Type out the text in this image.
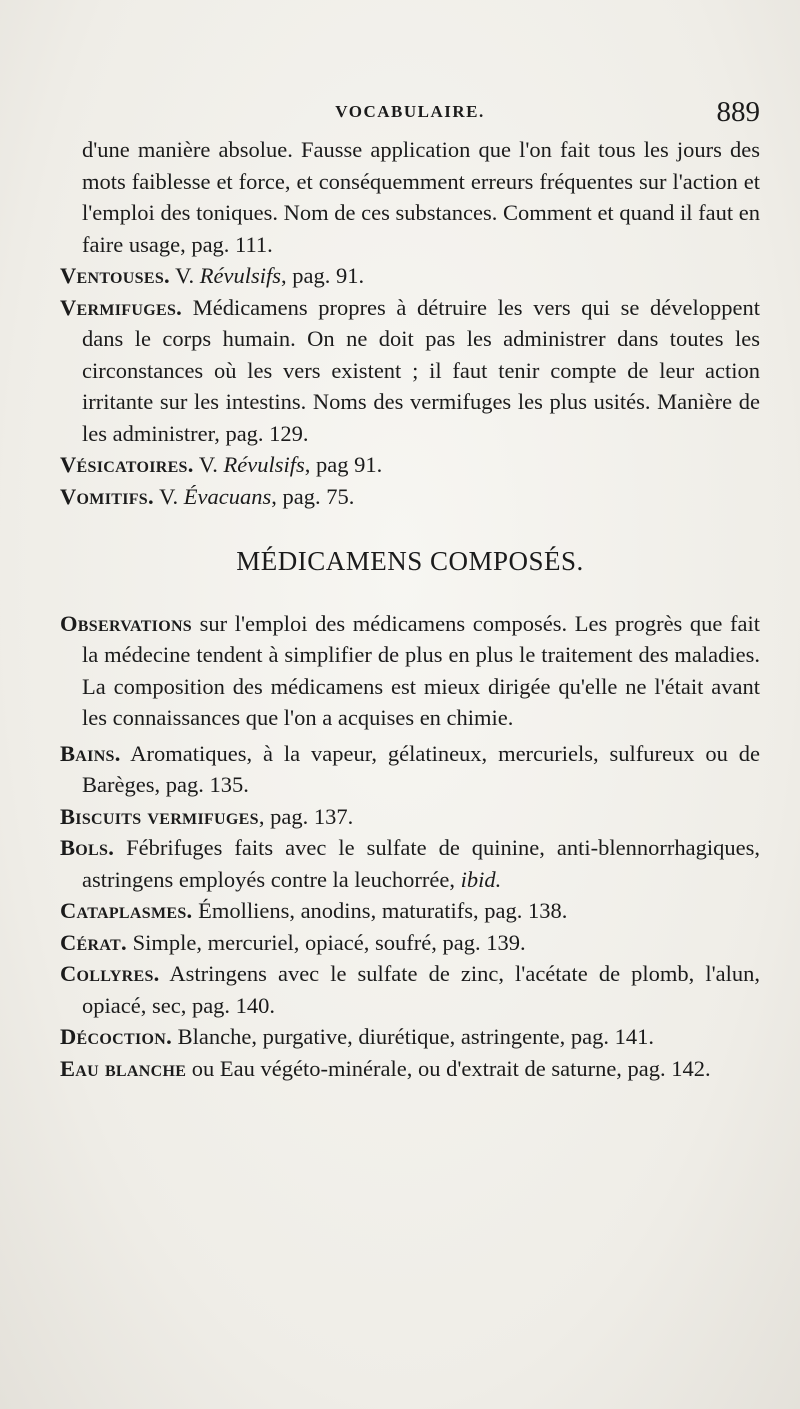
VOCABULAIRE.	889

d'une manière absolue. Fausse application que l'on fait tous les jours des mots faiblesse et force, et conséquemment erreurs fréquentes sur l'action et l'emploi des toniques. Nom de ces substances. Comment et quand il faut en faire usage, pag. 111.

Ventouses. V. Révulsifs, pag. 91.

Vermifuges. Médicamens propres à détruire les vers qui se développent dans le corps humain. On ne doit pas les administrer dans toutes les circonstances où les vers existent ; il faut tenir compte de leur action irritante sur les intestins. Noms des vermifuges les plus usités. Manière de les administrer, pag. 129.

Vésicatoires. V. Révulsifs, pag 91.

Vomitifs. V. Évacuans, pag. 75.

MÉDICAMENS COMPOSÉS.

Observations sur l'emploi des médicamens composés. Les progrès que fait la médecine tendent à simplifier de plus en plus le traitement des maladies. La composition des médicamens est mieux dirigée qu'elle ne l'était avant les connaissances que l'on a acquises en chimie.

Bains. Aromatiques, à la vapeur, gélatineux, mercuriels, sulfureux ou de Barèges, pag. 135.

Biscuits vermifuges, pag. 137.

Bols. Fébrifuges faits avec le sulfate de quinine, anti-blennorrhagiques, astringens employés contre la leuchorrée, ibid.

Cataplasmes. Émolliens, anodins, maturatifs, pag. 138.

Cérat. Simple, mercuriel, opiacé, soufré, pag. 139.

Collyres. Astringens avec le sulfate de zinc, l'acétate de plomb, l'alun, opiacé, sec, pag. 140.

Décoction. Blanche, purgative, diurétique, astringente, pag. 141.

Eau blanche ou Eau végéto-minérale, ou d'extrait de saturne, pag. 142.
